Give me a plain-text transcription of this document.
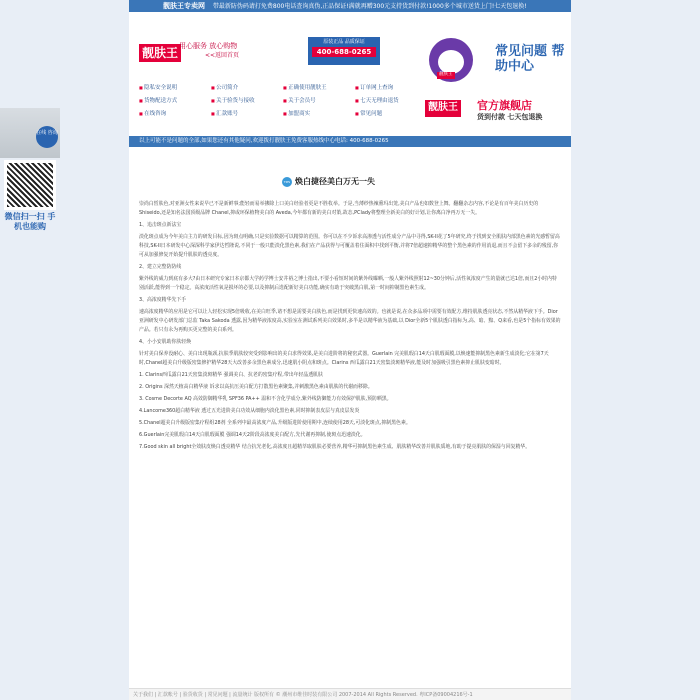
靓肤王专卖网 带最新防伪码请打免费800电话查询真伪,正品保证!满就再赠300元支持货到付款!1000多个城市送货上门!七天包退换!
靓肤王 用心服务 放心购物
<<返回首页
原装正品 品质保证
400-688-0265
■ 隐私安全说明	■ 公司简介	■ 正确使用靓肤王	■ 订单网上查询
■ 货物配送方式	■ 关于验货与接收	■ 关于会员号	■ 七天无理由退货
■ 在线咨询	■ 汇款账号	■ 加盟商实	■ 常见问题
靓肤王
常见问题 帮助中心
靓肤王 官方旗舰店
货到付款 七天包退换
以上可能不是问题的全部,如果您还有其他疑问,欢迎拨打靓肤王免费客服热线中心电话: 400-688-0265
TIPS 焕白捷径美白万无一失

崇尚白皙肤色,对亚洲女性来说早已不是新鲜事;能轻而易举拂除上口美白经验者更是不胜枚举。于是,当薄纱热辣熏玛出笼,美白产品也如数登上舞。翻翻杂志内容,不论是有百年美白历史的 Shiseido,还是知名法国顶级品牌 Chanel,抑或环保植物美白的 Aveda,今年都有新的美白对策,故态,PClady将整理全新美白的好计划,让你离白净再万无一失。

1、追击斑点新法宝

淡化斑点成为今年美白主力的研发目标,因为斑点明确,只是实验数据可以精算的范围。你可以在不少诉求高渗透与活性成分产品中寻得,SK-II花了5年研究,终于找到安全肌肤内部黑色素的光感暂留高科技,SK-II日本研发中心深深科学家伊达哲隆说,不同于一般只能淡化黑色素,我们在产品获得与可覆盖着住面积中找到平衡,并将7倍超速抑精华的整个黑色素的作用消退,而且不会留下多余的残留,你可从加强修复开始提升肌肤的透亮度。

2、建立完整防防线

紫外线的威力到底有多大?由日本研究专家日本京都大学药学博士安井裕之博士指出,不要小看短时间的紫外线曝晒,一般人紫外线照射12~30分钟后,活性氧浓度产生的量就已达1倍,而且2小时内特别活跃,能得到一个稳定。高浓度活性氧是损坏的必要,以及抑制后选配新好美白功能,确实有助于突破黑白肌,第一时间抑制黑色素生成。

3、高浓度精华先下手

速高浓度精华的应用是它可以让人轻松实现5倍吸收,在美白旺季,诸不想是需要美白肤色,而是找到更快速高效的。也就是说,在众多品项中需要有效配方,维持肌肤透亮状态,不然从精华液下手。Dior 亚洲研发中心研发部门总监 Taka Sakoda 透露,因为精华液浓度高,实验室在测试系列美白效果时,多半是以精华液为基础,以 Dior全新5个肌肤透白指标为,高、暗、黯、Q来看,也是5个指标有效果的产品。若只有永为再购买更完整的美白系列。

4、小小安肌助你肤轻焕

针对美白保养没耐心、美白出现瓶颈,抗肤季肌肤较突受到影响出的美白求得效果,是美白进阶将的秘密武器。Guerlain 完美肌瑕白14天白肌瑕面膜,以焕速能抑制黑色素新生成淡化;它在第7天时,Chanel超美白升级版密集修护精华28天大改善多余黑色素成分,迅速肌小阴点和斑点。Clarins 西瓜露白21天密集淡斑精华液,能及时加强吸引黑色素抑止肌肤变暗时。

1. Clarins西瓜露白21天密集淡斑精华 强调美白、抗老的密集疗程,带出年轻晶透肌肤

2. Origins 深然天植高白精华液 诉求以高抗压美白配方打散黑色素聚集,并刺激黑色素由肌肤的代谢而移除。

3. Cosme Decorte AQ 高效防御精华乳 SPF36 PA++ 温和不含化学成分,紫外线防御能力有效保护肌肤,预防晒黑。

4.Lancome360超白精华液 透过五光进阶美白功效从细胞内淡化黑色素,同时抑制表皮层与真皮层发炎

5.Chanel超美白升级版密集疗程组28剂 全系列中最高浓度产品,升级版进阶使用期中,连续使用28天,可淡化斑点,抑制黑色素。

6.Guerlain完美肌瑕白14天白肌瑕面膜 强调14天2阶段高浓度美白配方,先代谢再抑制,使斑点迅速淡化。

7.Good skin all bright全效肤皮焕白透亮精华 结合抗光老化,高浓度且超精萃取肌肤必要营养,精华可抑制黑色素生成、肌肤精华改善并肌肤质地,有助于提亮肌肤的保湿与回复精华。

关于我们 | 汇款帐号 | 验货收货 | 常见问题 | 流量统计 版权所有 © 潮州市维佳时装有限公司 2007-2014 All Rights Reserved. 粤ICP备09004216号-1
在线 咨询
微信扫一扫 手机也能购
